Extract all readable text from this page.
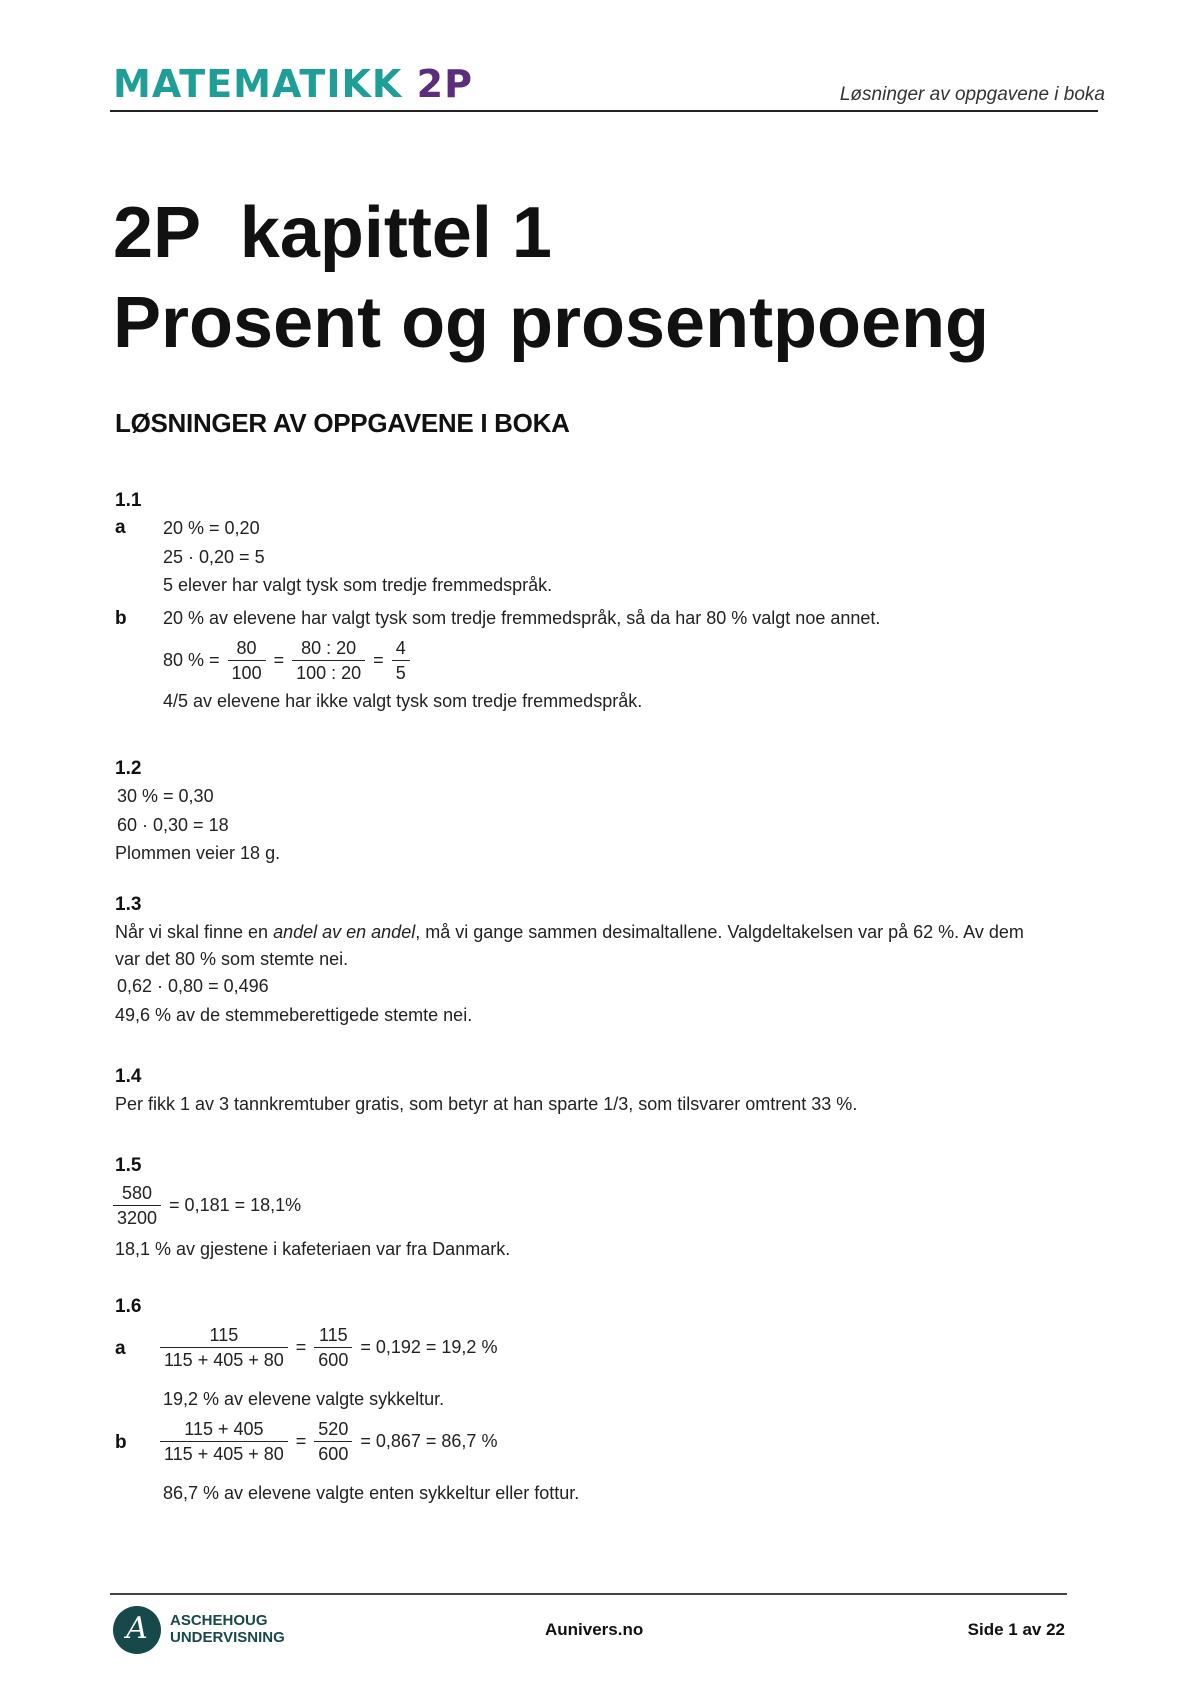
MATEMATIKK 2P	Løsninger av oppgavene i boka
2P  kapittel 1
Prosent og prosentpoeng
LØSNINGER AV OPPGAVENE I BOKA
1.1
a 20 % = 0,20
25 · 0,20 = 5
5 elever har valgt tysk som tredje fremmedspråk.
b 20 % av elevene har valgt tysk som tredje fremmedspråk, så da har 80 % valgt noe annet.
80 % = $\frac{80}{100} = \frac{80 : 20}{100 : 20} = \frac{4}{5}$
4/5 av elevene har ikke valgt tysk som tredje fremmedspråk.
1.2
30 % = 0,30
60 · 0,30 = 18
Plommen veier 18 g.
1.3
Når vi skal finne en andel av en andel, må vi gange sammen desimaltallene. Valgdeltakelsen var på 62 %. Av dem
var det 80 % som stemte nei.
0,62 · 0,80 = 0,496
49,6 % av de stemmeberettigede stemte nei.
1.4
Per fikk 1 av 3 tannkremtuber gratis, som betyr at han sparte 1/3, som tilsvarer omtrent 33 %.
1.5
$\frac{580}{3200} = 0,181 = 18,1\%$
18,1 % av gjestene i kafeteriaen var fra Danmark.
1.6
a $\frac{115}{115 + 405 + 80} = \frac{115}{600} = 0,192 = 19,2$ %
19,2 % av elevene valgte sykkeltur.
b $\frac{115 + 405}{115 + 405 + 80} = \frac{520}{600} = 0,867 = 86,7$ %
86,7 % av elevene valgte enten sykkeltur eller fottur.
A	ASCHEHOUG
UNDERVISNING	Aunivers.no	Side 1 av 22
